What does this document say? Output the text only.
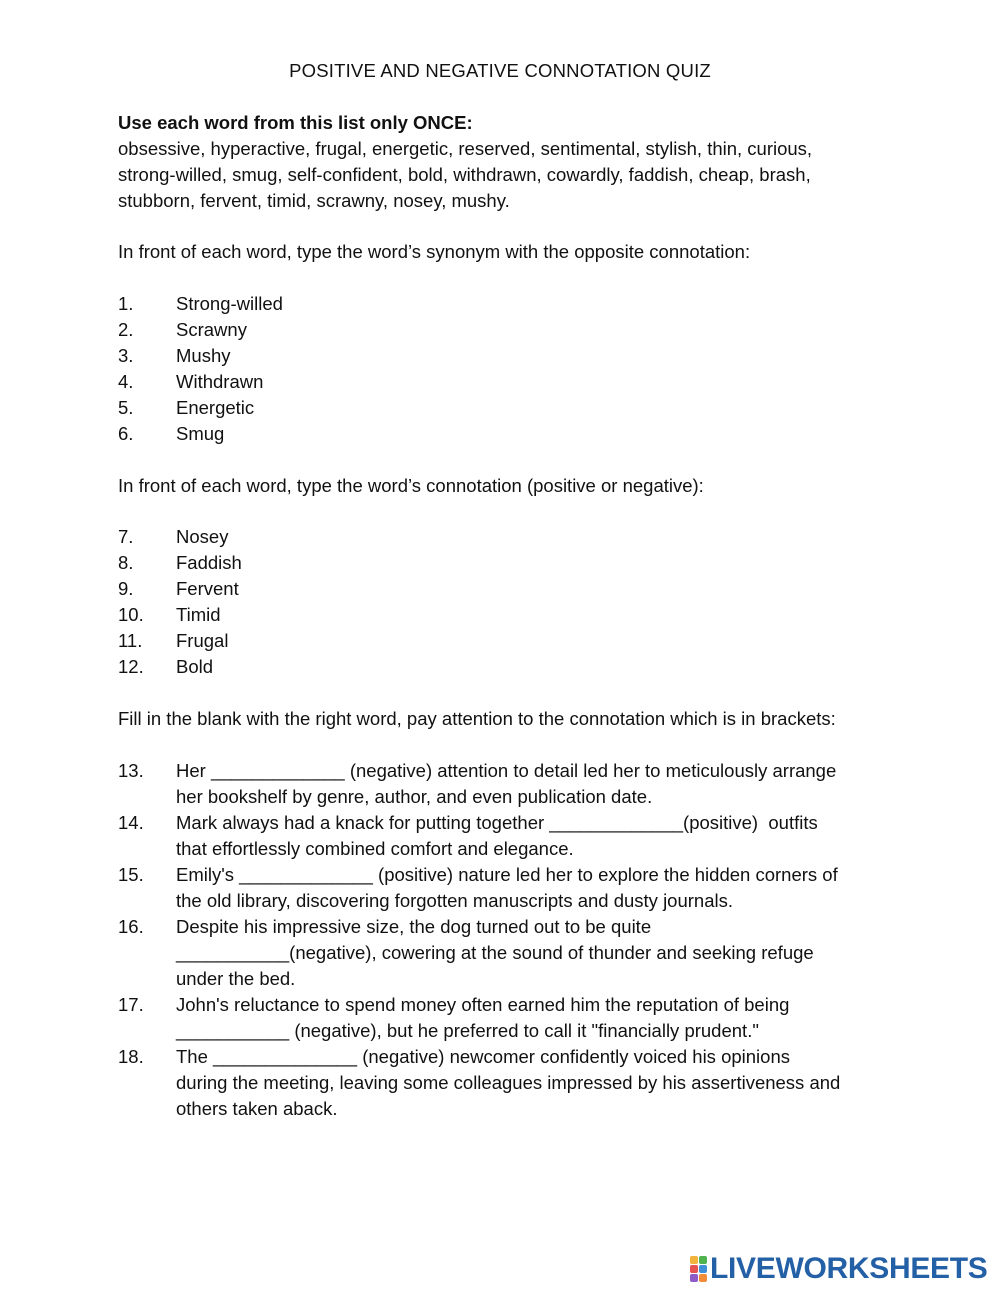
POSITIVE AND NEGATIVE CONNOTATION QUIZ
Use each word from this list only ONCE:
obsessive, hyperactive, frugal, energetic, reserved, sentimental, stylish, thin, curious,
strong-willed, smug, self-confident, bold, withdrawn, cowardly, faddish, cheap, brash,
stubborn, fervent, timid, scrawny, nosey, mushy.
In front of each word, type the word’s synonym with the opposite connotation:
1.	Strong-willed
2.	Scrawny
3.	Mushy
4.	Withdrawn
5.	Energetic
6.	Smug
In front of each word, type the word’s connotation (positive or negative):
7.	Nosey
8.	Faddish
9.	Fervent
10.	Timid
11.	Frugal
12.	Bold
Fill in the blank with the right word, pay attention to the connotation which is in brackets:
13.	Her _____________ (negative) attention to detail led her to meticulously arrange
her bookshelf by genre, author, and even publication date.
14.	Mark always had a knack for putting together _____________(positive)  outfits
that effortlessly combined comfort and elegance.
15.	Emily's _____________ (positive) nature led her to explore the hidden corners of
the old library, discovering forgotten manuscripts and dusty journals.
16.	Despite his impressive size, the dog turned out to be quite
___________(negative), cowering at the sound of thunder and seeking refuge
under the bed.
17.	John's reluctance to spend money often earned him the reputation of being
___________ (negative), but he preferred to call it "financially prudent."
18.	The ______________ (negative) newcomer confidently voiced his opinions
during the meeting, leaving some colleagues impressed by his assertiveness and
others taken aback.
LIVEWORKSHEETS
